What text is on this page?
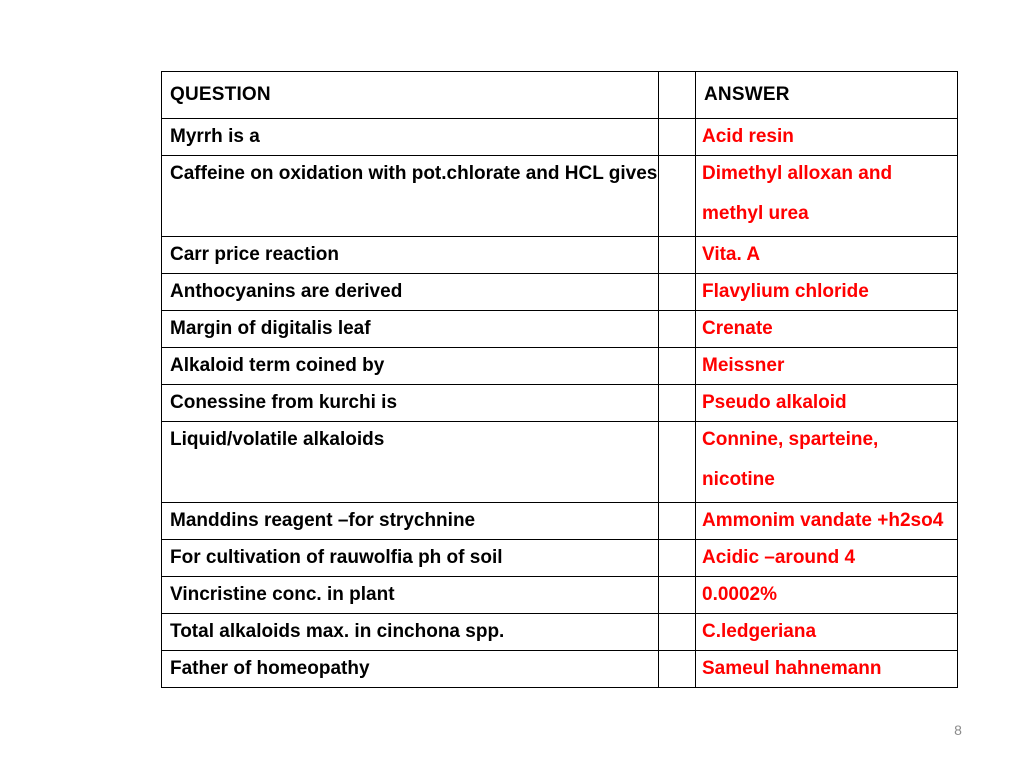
QUESTION		ANSWER
Myrrh is a		Acid resin
Caffeine on oxidation with pot.chlorate and HCL gives		Dimethyl alloxan and
methyl urea

Carr price reaction		Vita. A
Anthocyanins are derived		Flavylium chloride
Margin of digitalis leaf		Crenate
Alkaloid term coined by		Meissner
Conessine from kurchi is		Pseudo alkaloid
Liquid/volatile alkaloids		Connine, sparteine,
nicotine

Manddins reagent –for strychnine		Ammonim vandate +h2so4
For cultivation of rauwolfia ph of soil		Acidic –around 4
Vincristine conc. in plant		0.0002%
Total alkaloids max. in cinchona spp.		C.ledgeriana
Father of homeopathy		Sameul hahnemann
8
